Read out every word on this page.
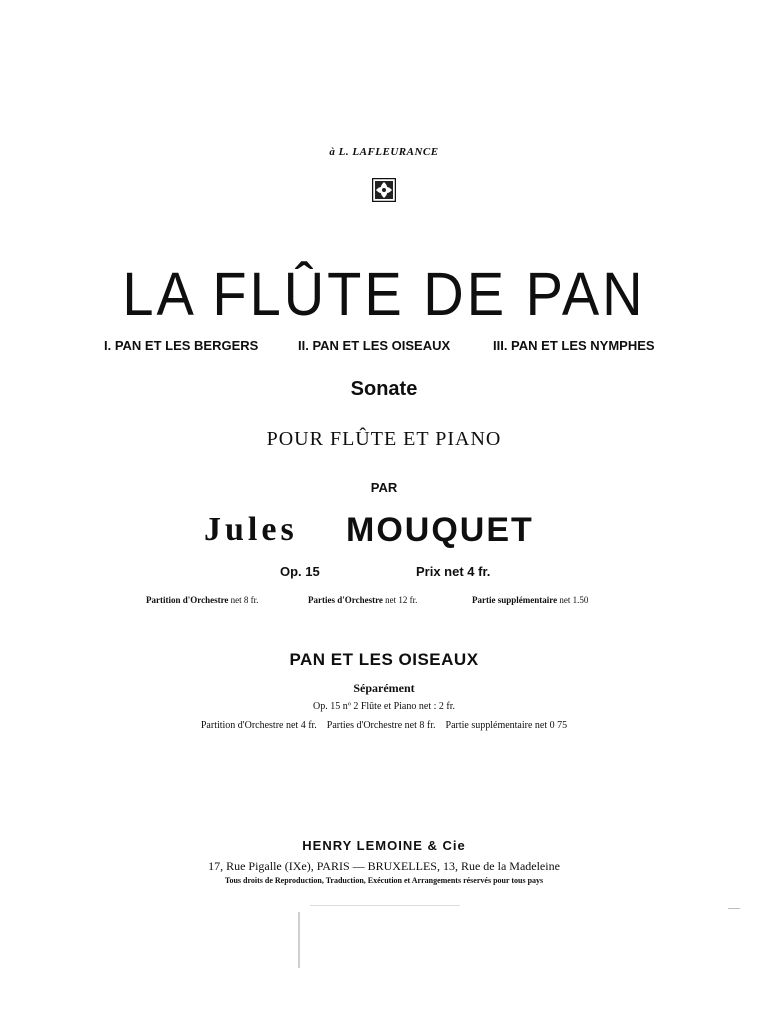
à L. LAFLEURANCE
LA FLÛTE DE PAN
I. PAN ET LES BERGERS	II. PAN ET LES OISEAUX	III. PAN ET LES NYMPHES
Sonate
POUR FLÛTE ET PIANO
PAR
Jules MOUQUET
Op. 15	Prix net 4 fr.
Partition d'Orchestre net 8 fr.	Parties d'Orchestre net 12 fr.	Partie supplémentaire net 1.50
PAN ET LES OISEAUX
Séparément
Op. 15 nº 2 Flûte et Piano net : 2 fr.
Partition d'Orchestre net 4 fr.    Parties d'Orchestre net 8 fr.    Partie supplémentaire net 0 75
HENRY LEMOINE & Cie
17, Rue Pigalle (IXe), PARIS — BRUXELLES, 13, Rue de la Madeleine
Tous droits de Reproduction, Traduction, Exécution et Arrangements réservés pour tous pays
